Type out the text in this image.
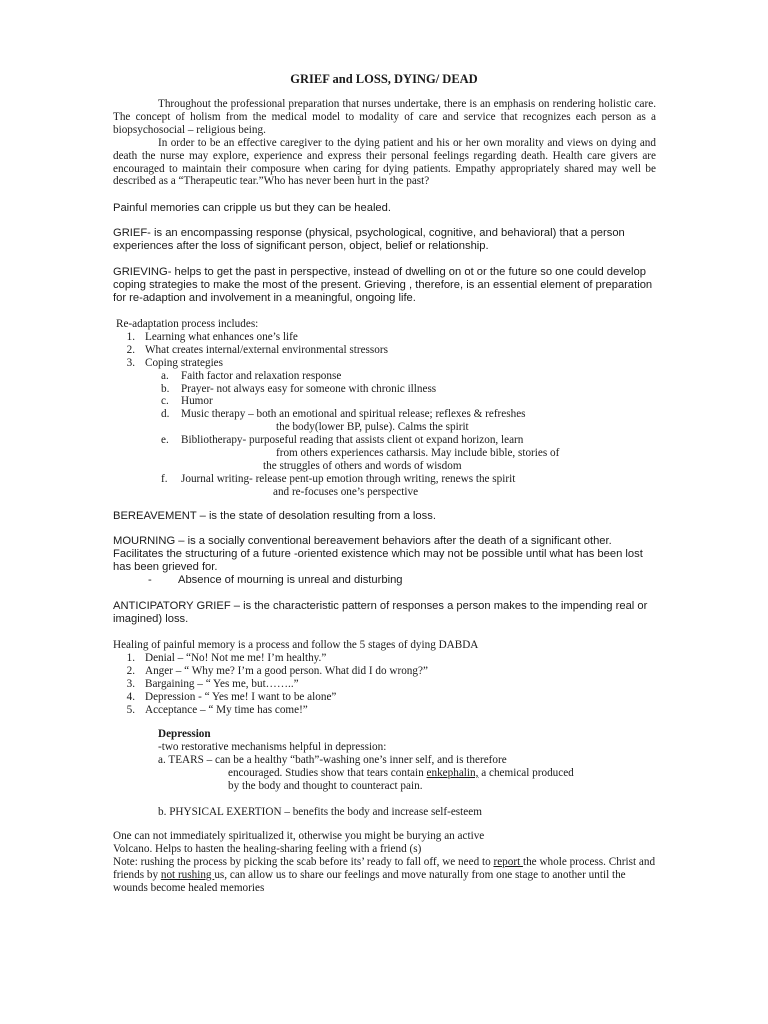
GRIEF and LOSS, DYING/ DEAD

Throughout the professional preparation that nurses undertake, there is an emphasis on rendering holistic care. The concept of holism from the medical model to modality of care and service that recognizes each person as a biopsychosocial – religious being.

In order to be an effective caregiver to the dying patient and his or her own morality and views on dying and death the nurse may explore, experience and express their personal feelings regarding death. Health care givers are encouraged to maintain their composure when caring for dying patients. Empathy appropriately shared may well be described as a “Therapeutic tear.”Who has never been hurt in the past?

Painful memories can cripple us but they can be healed.

GRIEF- is an encompassing response (physical, psychological, cognitive, and behavioral) that a person experiences after the loss of significant person, object, belief or relationship.

GRIEVING- helps to get the past in perspective, instead of dwelling on ot or the future so one could develop coping strategies to make the most of the present. Grieving , therefore, is an essential element of preparation for re-adaption and involvement in a meaningful, ongoing life.

Re-adaptation process includes:

1. Learning what enhances one’s life
2. What creates internal/external environmental stressors
3. Coping strategies
a.	Faith factor and relaxation response
b.	Prayer- not always easy for someone with chronic illness
c.	Humor
d.	Music therapy – both an emotional and spiritual release; reflexes & refreshes
the body(lower BP, pulse). Calms the spirit
e.	Bibliotherapy- purposeful reading that assists client ot expand horizon, learn
from others experiences catharsis. May include bible, stories of
the struggles of others and words of wisdom
f.	Journal writing- release pent-up emotion through writing, renews the spirit
and re-focuses one’s perspective

BEREAVEMENT – is the state of desolation resulting from a loss.

MOURNING – is a socially conventional bereavement behaviors after the death of a significant other. Facilitates the structuring of a future -oriented existence which may not be possible until what has been lost has been grieved for.

-	Absence of mourning is unreal and disturbing

ANTICIPATORY GRIEF – is the characteristic pattern of responses a person makes to the impending real or imagined) loss.

Healing of painful memory is a process and follow the 5 stages of dying DABDA

1. Denial – “No! Not me me! I’m healthy.”
2. Anger – “ Why me? I’m a good person. What did I do wrong?”
3. Bargaining – “ Yes me, but……..”
4. Depression - “ Yes me! I want to be alone”
5. Acceptance – “ My time has come!”

Depression

-two restorative mechanisms helpful in depression:

a. TEARS – can be a healthy “bath”-washing one’s inner self, and is therefore

encouraged. Studies show that tears contain enkephalin, a chemical produced

by the body and thought to counteract pain.

b. PHYSICAL EXERTION – benefits the body and increase self-esteem

One can not immediately spiritualized it, otherwise you might be burying an active

Volcano. Helps to hasten the healing-sharing feeling with a friend (s)

Note: rushing the process by picking the scab before its’ ready to fall off, we need to report the whole process. Christ and friends by not rushing us, can allow us to share our feelings and move naturally from one stage to another until the wounds become healed memories
